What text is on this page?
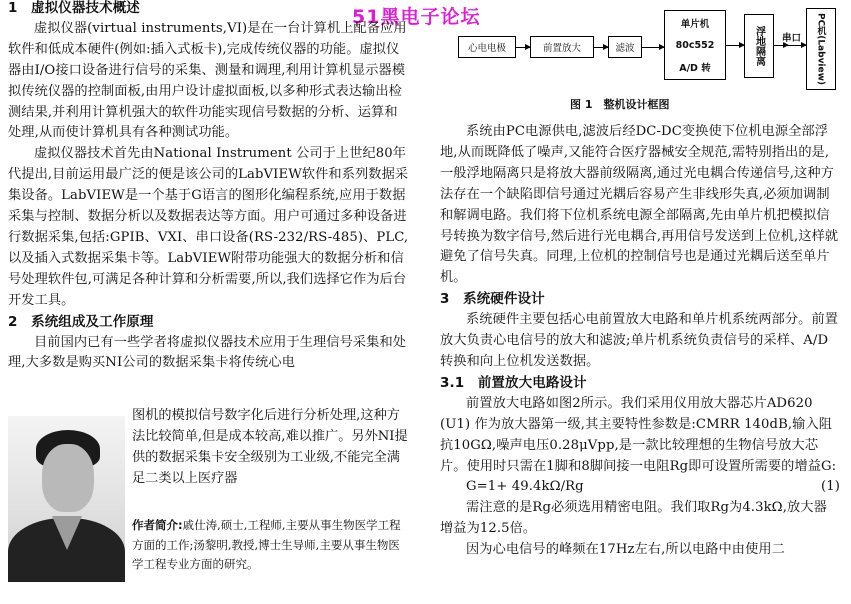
51黑电子论坛

1　虚拟仪器技术概述

虚拟仪器(virtual instruments,VI)是在一台计算机上配备应用软件和低成本硬件(例如:插入式板卡),完成传统仪器的功能。虚拟仪器由I/O接口设备进行信号的采集、测量和调理,利用计算机显示器模拟传统仪器的控制面板,由用户设计虚拟面板,以多种形式表达输出检测结果,并利用计算机强大的软件功能实现信号数据的分析、运算和处理,从而使计算机具有各种测试功能。

虚拟仪器技术首先由National Instrument 公司于上世纪80年代提出,目前运用最广泛的便是该公司的LabVIEW软件和系列数据采集设备。LabVIEW是一个基于G语言的图形化编程系统,应用于数据采集与控制、数据分析以及数据表达等方面。用户可通过多种设备进行数据采集,包括:GPIB、VXI、串口设备(RS-232/RS-485)、PLC,以及插入式数据采集卡等。LabVIEW附带功能强大的数据分析和信号处理软件包,可满足各种计算和分析需要,所以,我们选择它作为后台开发工具。

2　系统组成及工作原理

目前国内已有一些学者将虚拟仪器技术应用于生理信号采集和处理,大多数是购买NI公司的数据采集卡将传统心电

图机的模拟信号数字化后进行分析处理,这种方法比较简单,但是成本较高,难以推广。另外NI提供的数据采集卡安全级别为工业级,不能完全满足二类以上医疗器

作者简介:戚仕涛,硕士,工程师,主要从事生物医学工程方面的工作;汤黎明,教授,博士生导师,主要从事生物医学工程专业方面的研究。
心电电极	前置放大	滤波
单片机
80c552
A/D 转
浮地隔离 串口 PC机(Labview)
图 1　整机设计框图

系统由PC电源供电,滤波后经DC-DC变换使下位机电源全部浮地,从而既降低了噪声,又能符合医疗器械安全规范,需特别指出的是,一般浮地隔离只是将放大器前级隔离,通过光电耦合传递信号,这种方法存在一个缺陷即信号通过光耦后容易产生非线形失真,必须加调制和解调电路。我们将下位机系统电源全部隔离,先由单片机把模拟信号转换为数字信号,然后进行光电耦合,再用信号发送到上位机,这样就避免了信号失真。同理,上位机的控制信号也是通过光耦后送至单片机。

3　系统硬件设计

系统硬件主要包括心电前置放大电路和单片机系统两部分。前置放大负责心电信号的放大和滤波;单片机系统负责信号的采样、A/D转换和向上位机发送数据。

3.1　前置放大电路设计

前置放大电路如图2所示。我们采用仪用放大器芯片AD620 (U1) 作为放大器第一级,其主要特性参数是:CMRR 140dB,输入阻抗10GΩ,噪声电压0.28μVpp,是一款比较理想的生物信号放大芯片。使用时只需在1脚和8脚间接一电阻Rg即可设置所需要的增益G:

G=1+ 49.4kΩ/Rg	(1)

需注意的是Rg必须选用精密电阻。我们取Rg为4.3kΩ,放大器增益为12.5倍。

因为心电信号的峰频在17Hz左右,所以电路中由使用二
